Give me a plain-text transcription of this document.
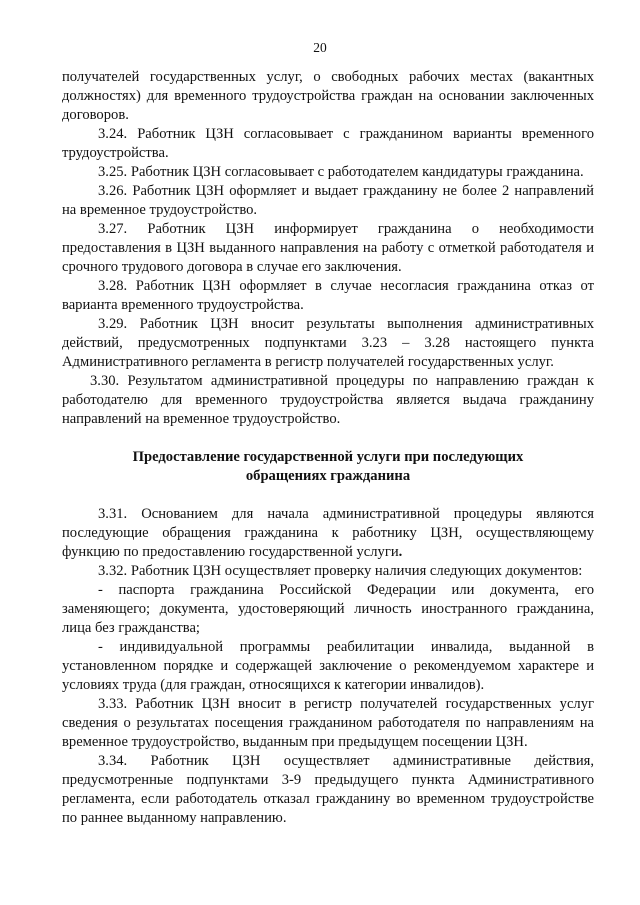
20

получателей государственных услуг, о свободных рабочих местах (вакантных должностях) для временного трудоустройства граждан на основании заключенных договоров.

3.24. Работник ЦЗН согласовывает с гражданином варианты временного трудоустройства.

3.25. Работник ЦЗН согласовывает с работодателем кандидатуры гражданина.

3.26. Работник ЦЗН оформляет и выдает гражданину не более 2 направлений на временное трудоустройство.

3.27. Работник ЦЗН информирует гражданина о необходимости предоставления в ЦЗН выданного направления на работу с отметкой работодателя и срочного трудового договора в случае его заключения.

3.28. Работник ЦЗН оформляет в случае несогласия гражданина отказ от варианта временного трудоустройства.

3.29. Работник ЦЗН вносит результаты выполнения административных действий, предусмотренных подпунктами 3.23 – 3.28 настоящего пункта Административного регламента в регистр получателей государственных услуг.

3.30. Результатом административной процедуры по направлению граждан к работодателю для временного трудоустройства является выдача гражданину направлений на временное трудоустройство.

Предоставление государственной услуги при последующих обращениях гражданина

3.31. Основанием для начала административной процедуры являются последующие обращения гражданина к работнику ЦЗН, осуществляющему функцию по предоставлению государственной услуги.

3.32. Работник ЦЗН осуществляет проверку наличия следующих документов:

- паспорта гражданина Российской Федерации или документа, его заменяющего; документа, удостоверяющий личность иностранного гражданина, лица без гражданства;

- индивидуальной программы реабилитации инвалида, выданной в установленном порядке и содержащей заключение о рекомендуемом характере и условиях труда (для граждан, относящихся к категории инвалидов).

3.33. Работник ЦЗН вносит в регистр получателей государственных услуг сведения о результатах посещения гражданином работодателя по направлениям на временное трудоустройство, выданным при предыдущем посещении ЦЗН.

3.34. Работник ЦЗН осуществляет административные действия, предусмотренные подпунктами 3-9 предыдущего пункта Административного регламента, если работодатель отказал гражданину во временном трудоустройстве по раннее выданному направлению.
